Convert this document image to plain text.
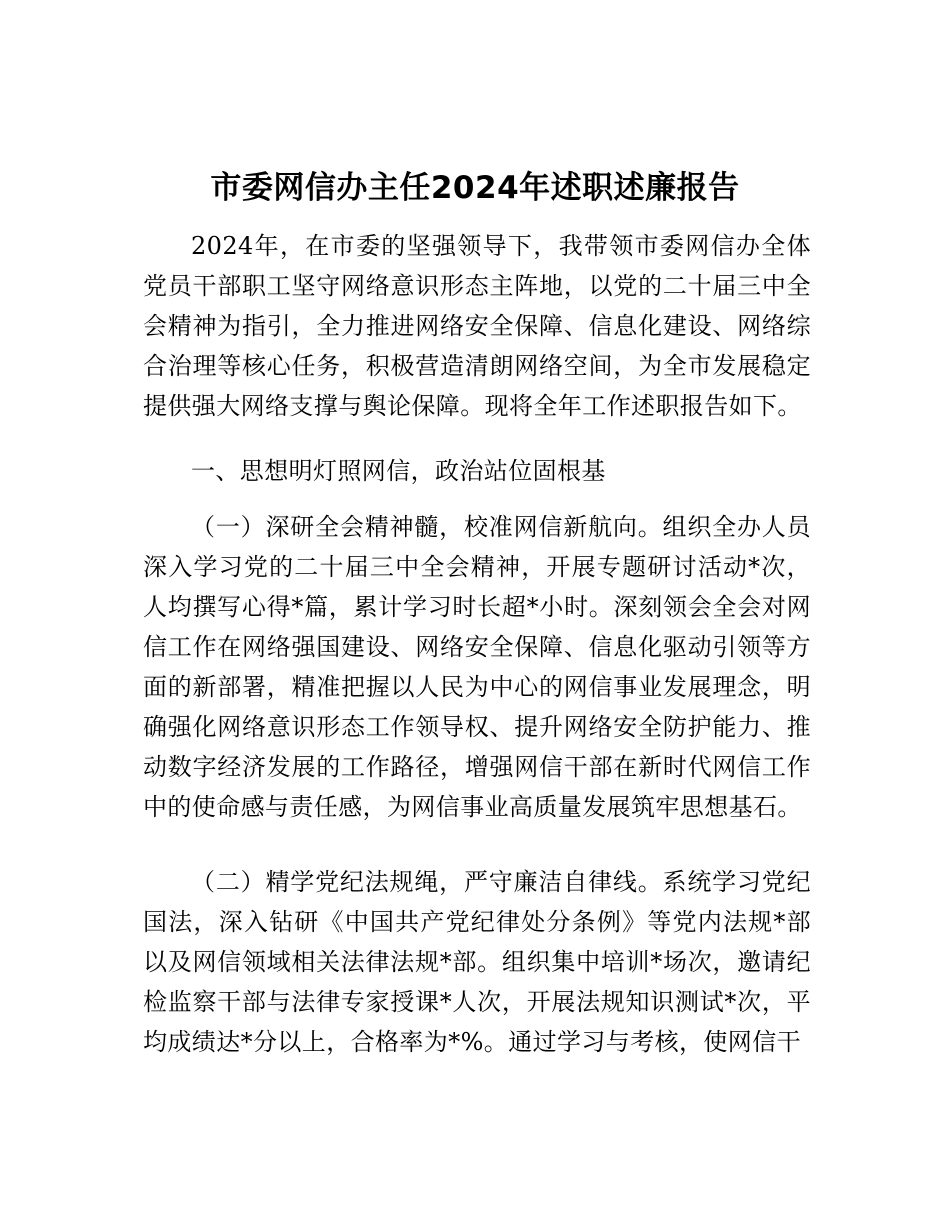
市委网信办主任2024年述职述廉报告
2024年，在市委的坚强领导下，我带领市委网信办全体党员干部职工坚守网络意识形态主阵地，以党的二十届三中全会精神为指引，全力推进网络安全保障、信息化建设、网络综合治理等核心任务，积极营造清朗网络空间，为全市发展稳定提供强大网络支撑与舆论保障。现将全年工作述职报告如下。
一、思想明灯照网信，政治站位固根基
（一）深研全会精神髓，校准网信新航向。组织全办人员深入学习党的二十届三中全会精神，开展专题研讨活动*次，人均撰写心得*篇，累计学习时长超*小时。深刻领会全会对网信工作在网络强国建设、网络安全保障、信息化驱动引领等方面的新部署，精准把握以人民为中心的网信事业发展理念，明确强化网络意识形态工作领导权、提升网络安全防护能力、推动数字经济发展的工作路径，增强网信干部在新时代网信工作中的使命感与责任感，为网信事业高质量发展筑牢思想基石。
（二）精学党纪法规绳，严守廉洁自律线。系统学习党纪国法，深入钻研《中国共产党纪律处分条例》等党内法规*部以及网信领域相关法律法规*部。组织集中培训*场次，邀请纪检监察干部与法律专家授课*人次，开展法规知识测试*次，平均成绩达*分以上，合格率为*%。通过学习与考核，使网信干
